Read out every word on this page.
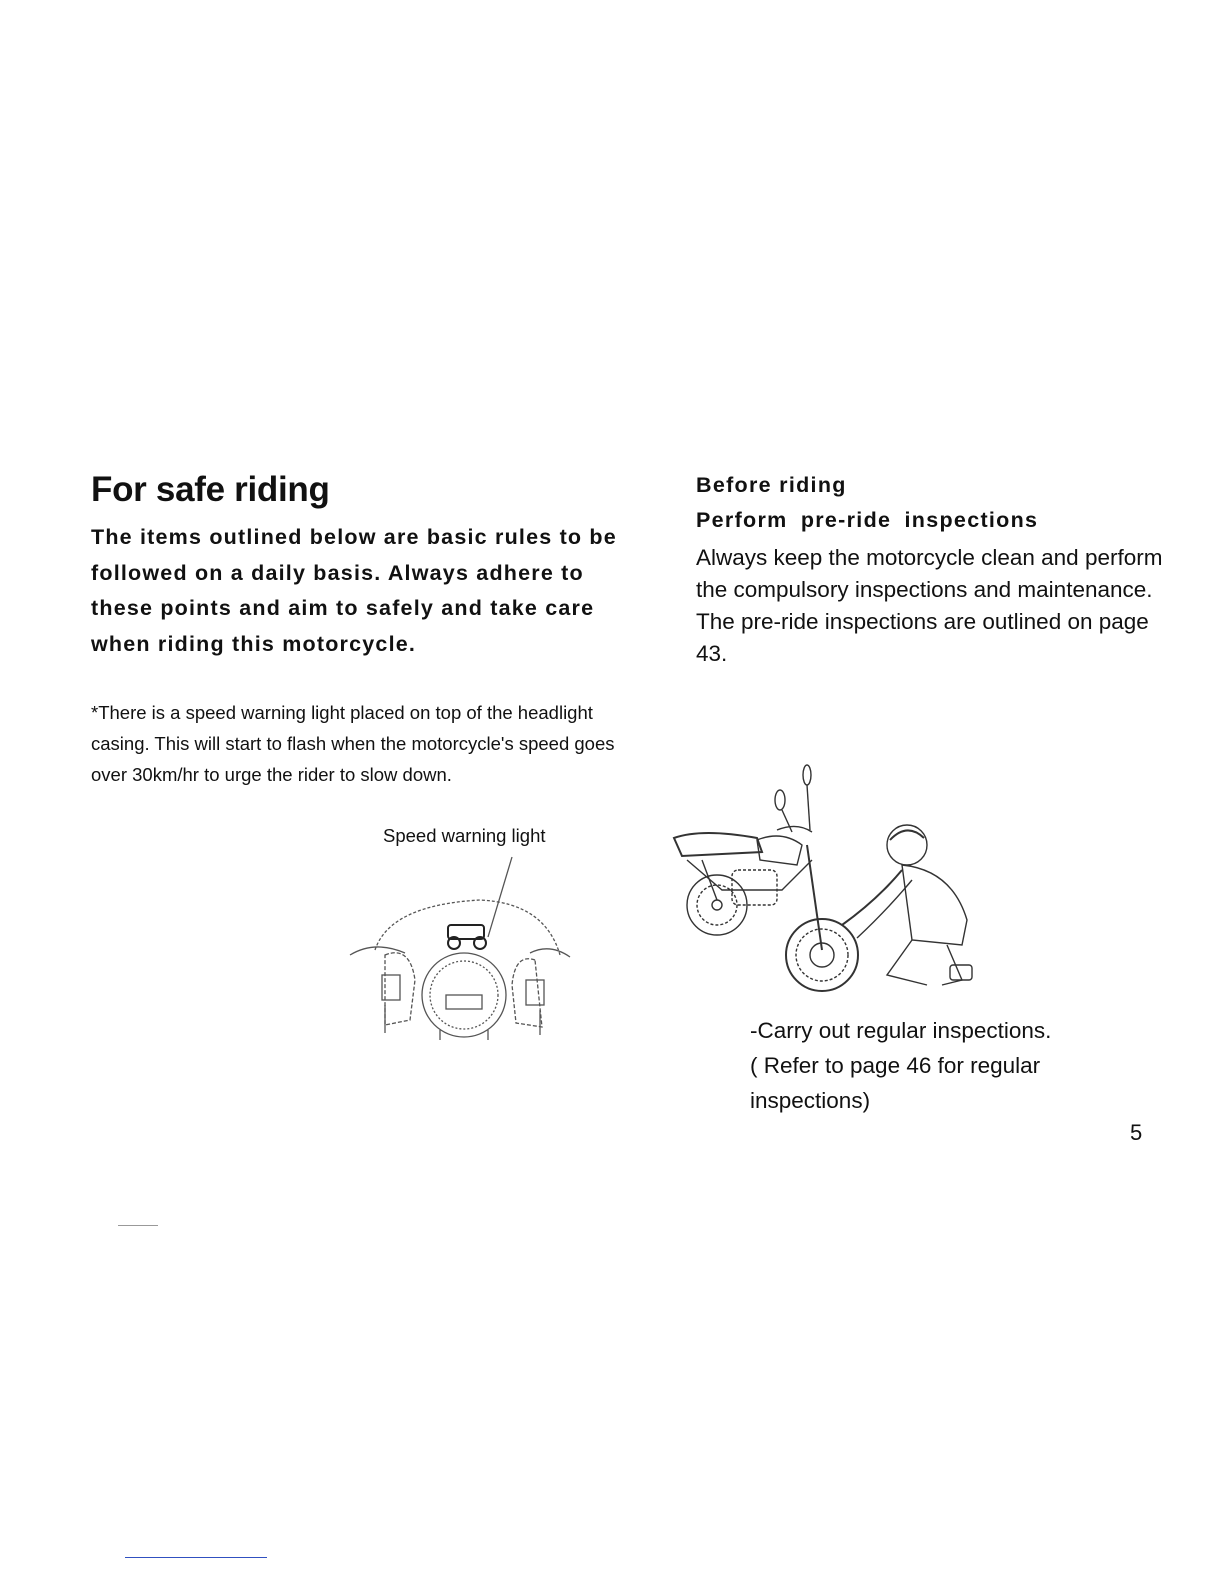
For safe riding

The items outlined below are basic rules to be followed on a daily basis. Always adhere to these points and aim to safely and take care when riding this motorcycle.

*There is a speed warning light placed on top of the headlight casing. This will start to flash when the motorcycle's speed goes over 30km/hr to urge the rider to slow down.

Speed warning light

Before riding

Perform pre-ride inspections

Always keep the motorcycle clean and perform the compulsory inspections and maintenance. The pre-ride inspections are outlined on page 43.

-Carry out regular inspections.
( Refer to page 46 for regular inspections)

5
